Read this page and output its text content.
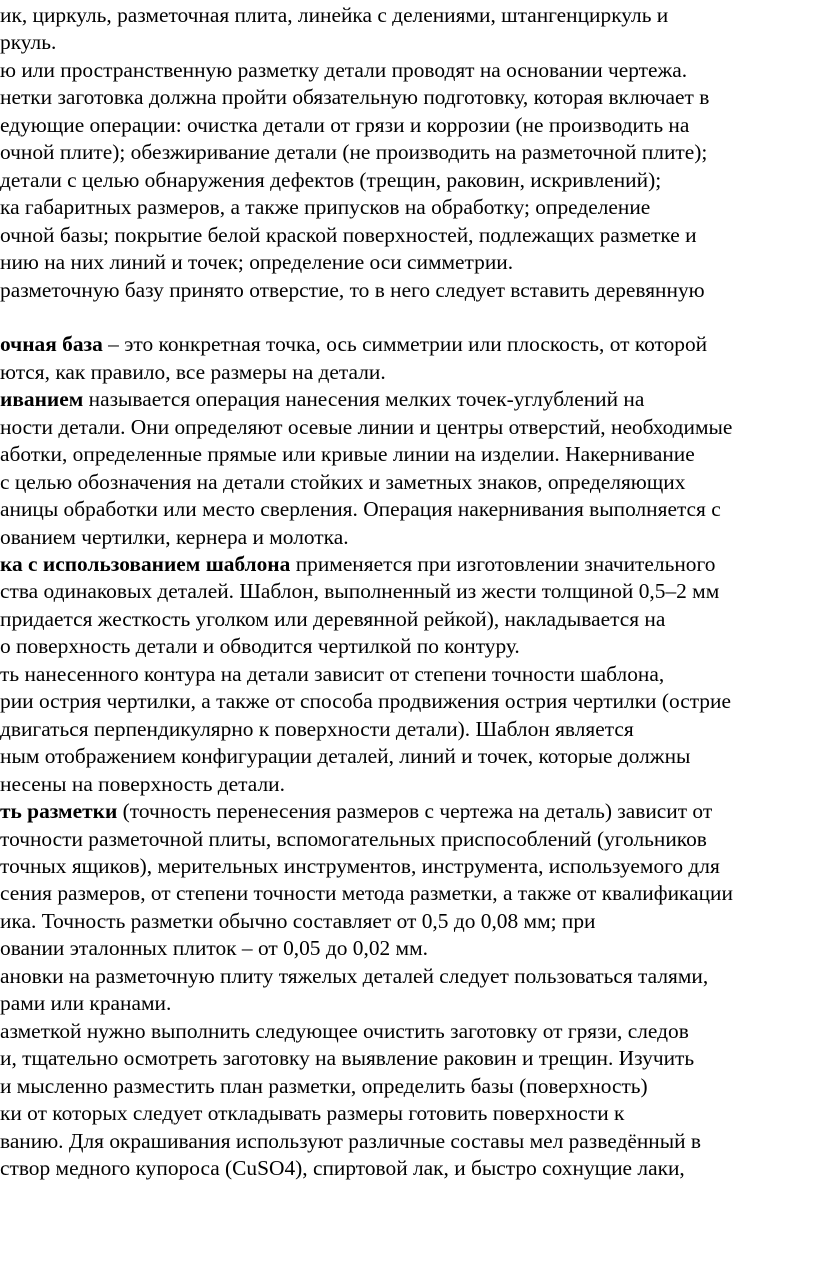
ик, циркуль, разметочная плита, линейка с делениями, штангенциркуль и
ркуль.
ю или пространственную разметку детали проводят на основании чертежа.
нетки заготовка должна пройти обязательную подготовку, которая включает в
едующие операции: очистка детали от грязи и коррозии (не производить на
очной плите); обезжиривание детали (не производить на разметочной плите);
детали с целью обнаружения дефектов (трещин, раковин, искривлений);
ка габаритных размеров, а также припусков на обработку; определение
очной базы; покрытие белой краской поверхностей, подлежащих разметке и
нию на них линий и точек; определение оси симметрии.
разметочную базу принято отверстие, то в него следует вставить деревянную
очная база – это конкретная точка, ось симметрии или плоскость, от которой
ются, как правило, все размеры на детали.
иванием называется операция нанесения мелких точек-углублений на
ности детали. Они определяют осевые линии и центры отверстий, необходимые
аботки, определенные прямые или кривые линии на изделии. Накернивание
с целью обозначения на детали стойких и заметных знаков, определяющих
аницы обработки или место сверления. Операция накернивания выполняется с
ованием чертилки, кернера и молотка.
ка с использованием шаблона применяется при изготовлении значительного
ства одинаковых деталей. Шаблон, выполненный из жести толщиной 0,5–2 мм
придается жесткость уголком или деревянной рейкой), накладывается на
о поверхность детали и обводится чертилкой по контуру.
ть нанесенного контура на детали зависит от степени точности шаблона,
рии острия чертилки, а также от способа продвижения острия чертилки (острие
двигаться перпендикулярно к поверхности детали). Шаблон является
ным отображением конфигурации деталей, линий и точек, которые должны
несены на поверхность детали.
ть разметки (точность перенесения размеров с чертежа на деталь) зависит от
точности разметочной плиты, вспомогательных приспособлений (угольников
точных ящиков), мерительных инструментов, инструмента, используемого для
сения размеров, от степени точности метода разметки, а также от квалификации
ика. Точность разметки обычно составляет от 0,5 до 0,08 мм; при
овании эталонных плиток – от 0,05 до 0,02 мм.
ановки на разметочную плиту тяжелых деталей следует пользоваться талями,
рами или кранами.
азметкой нужно выполнить следующее очистить заготовку от грязи, следов
и, тщательно осмотреть заготовку на выявление раковин и трещин. Изучить
и мысленно разместить план разметки, определить базы (поверхность)
ки от которых следует откладывать размеры готовить поверхности к
ванию. Для окрашивания используют различные составы мел разведённый в
створ медного купороса (CuSO4), спиртовой лак, и быстро сохнущие лаки,
